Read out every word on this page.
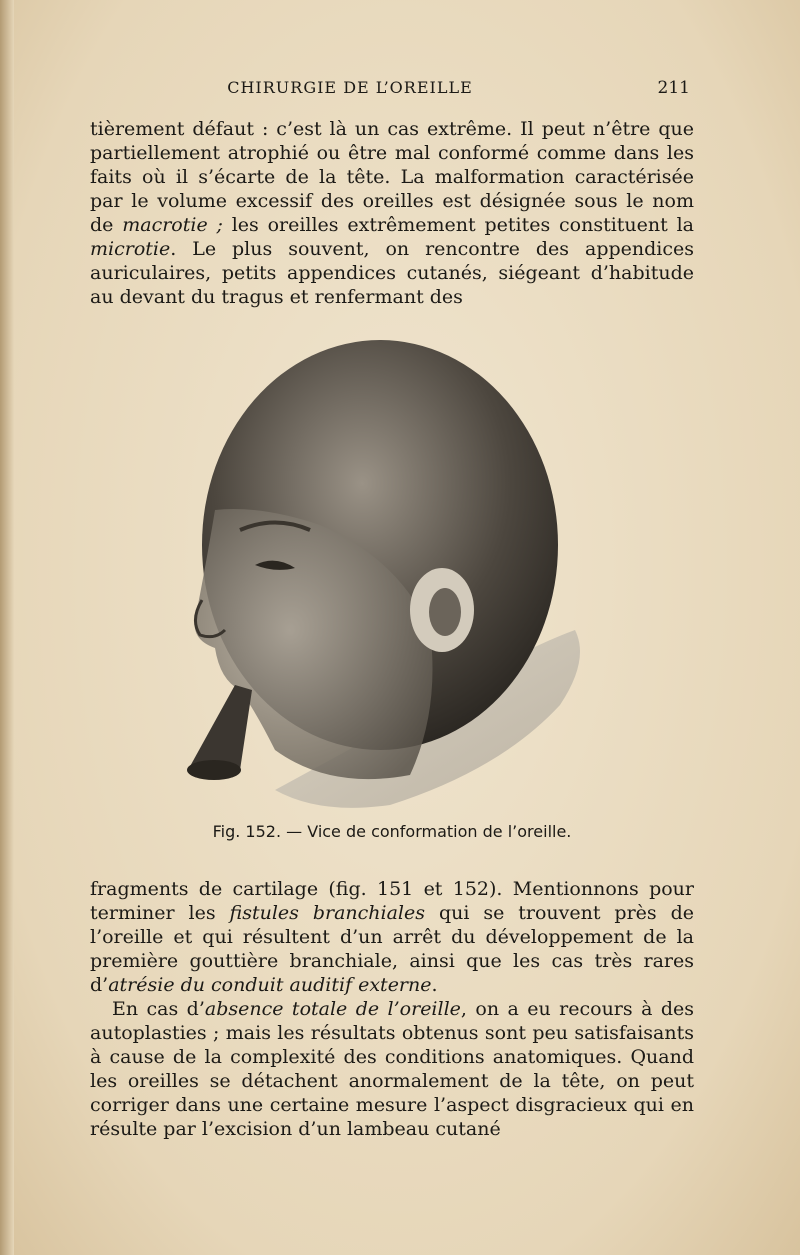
CHIRURGIE DE L’OREILLE	211

tièrement défaut : c’est là un cas extrême. Il peut n’être que partiellement atrophié ou être mal conformé comme dans les faits où il s’écarte de la tête. La malformation caractérisée par le volume excessif des oreilles est désignée sous le nom de macrotie ; les oreilles extrêmement petites constituent la microtie. Le plus souvent, on rencontre des appendices auriculaires, petits appendices cutanés, siégeant d’habitude au devant du tragus et renfermant des

Fig. 152. — Vice de conformation de l’oreille.
fragments de cartilage (fig. 151 et 152). Mentionnons pour terminer les fistules branchiales qui se trouvent près de l’oreille et qui résultent d’un arrêt du développement de la première gouttière branchiale, ainsi que les cas très rares d’atrésie du conduit auditif externe.
En cas d’absence totale de l’oreille, on a eu recours à des autoplasties ; mais les résultats obtenus sont peu satisfaisants à cause de la complexité des conditions anatomiques. Quand les oreilles se détachent anormalement de la tête, on peut corriger dans une certaine mesure l’aspect disgracieux qui en résulte par l’excision d’un lambeau cutané
